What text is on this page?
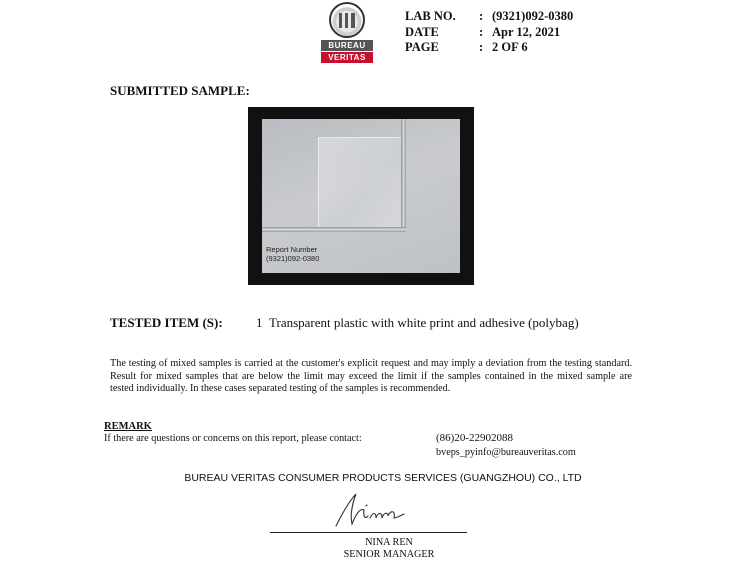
BUREAU
VERITAS
LAB NO. : (9321)092-0380
DATE	: Apr 12, 2021
PAGE	: 2 OF 6
SUBMITTED SAMPLE:
Report Number
(9321)092-0380
TESTED ITEM (S):	1 Transparent plastic with white print and adhesive (polybag)
The testing of mixed samples is carried at the customer's explicit request and may imply a deviation from the testing standard.
Result for mixed samples that are below the limit may exceed the limit if the samples contained in the mixed sample are
tested individually. In these cases separated testing of the samples is recommended.
REMARK
If there are questions or concerns on this report, please contact:	(86)20-22902088
bveps_pyinfo@bureauveritas.com
BUREAU VERITAS CONSUMER PRODUCTS SERVICES (GUANGZHOU) CO., LTD
NINA REN
SENIOR MANAGER
